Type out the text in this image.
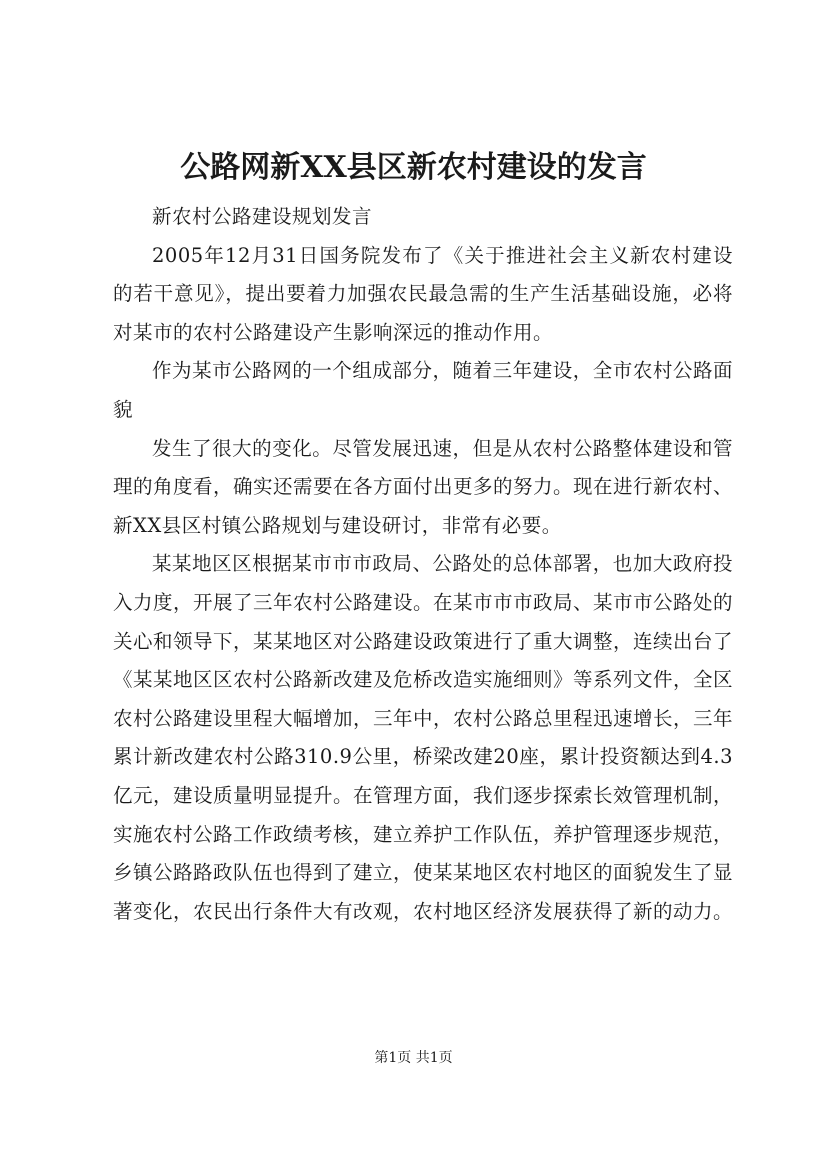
公路网新XX县区新农村建设的发言

新农村公路建设规划发言

2005年12月31日国务院发布了《关于推进社会主义新农村建设的若干意见》，提出要着力加强农民最急需的生产生活基础设施，必将对某市的农村公路建设产生影响深远的推动作用。

作为某市公路网的一个组成部分，随着三年建设，全市农村公路面貌

发生了很大的变化。尽管发展迅速，但是从农村公路整体建设和管理的角度看，确实还需要在各方面付出更多的努力。现在进行新农村、新XX县区村镇公路规划与建设研讨，非常有必要。

某某地区区根据某市市市政局、公路处的总体部署，也加大政府投入力度，开展了三年农村公路建设。在某市市市政局、某市市公路处的关心和领导下，某某地区对公路建设政策进行了重大调整，连续出台了《某某地区区农村公路新改建及危桥改造实施细则》等系列文件，全区农村公路建设里程大幅增加，三年中，农村公路总里程迅速增长，三年累计新改建农村公路310.9公里，桥梁改建20座，累计投资额达到4.3亿元，建设质量明显提升。在管理方面，我们逐步探索长效管理机制，实施农村公路工作政绩考核，建立养护工作队伍，养护管理逐步规范，乡镇公路路政队伍也得到了建立，使某某地区农村地区的面貌发生了显著变化，农民出行条件大有改观，农村地区经济发展获得了新的动力。

第1页 共1页
